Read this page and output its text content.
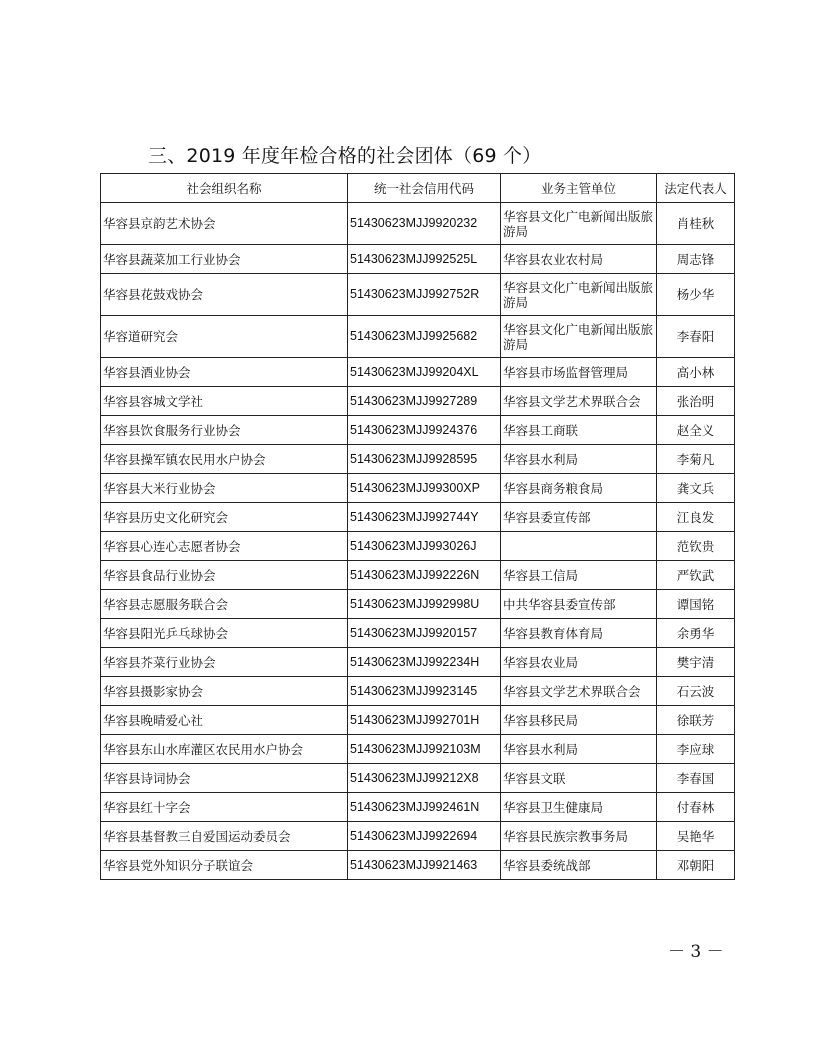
三、2019 年度年检合格的社会团体（69 个）
社会组织名称	统一社会信用代码	业务主管单位	法定代表人
华容县京韵艺术协会	51430623MJJ9920232	华容县文化广电新闻出版旅游局	肖桂秋
华容县蔬菜加工行业协会	51430623MJJ992525L	华容县农业农村局	周志锋
华容县花鼓戏协会	51430623MJJ992752R	华容县文化广电新闻出版旅游局	杨少华
华容道研究会	51430623MJJ9925682	华容县文化广电新闻出版旅游局	李春阳
华容县酒业协会	51430623MJJ99204XL	华容县市场监督管理局	高小林
华容县容城文学社	51430623MJJ9927289	华容县文学艺术界联合会	张治明
华容县饮食服务行业协会	51430623MJJ9924376	华容县工商联	赵全义
华容县操军镇农民用水户协会	51430623MJJ9928595	华容县水利局	李菊凡
华容县大米行业协会	51430623MJJ99300XP	华容县商务粮食局	龚文兵
华容县历史文化研究会	51430623MJJ992744Y	华容县委宣传部	江良发
华容县心连心志愿者协会	51430623MJJ993026J		范钦贵
华容县食品行业协会	51430623MJJ992226N	华容县工信局	严钦武
华容县志愿服务联合会	51430623MJJ992998U	中共华容县委宣传部	谭国铭
华容县阳光乒乓球协会	51430623MJJ9920157	华容县教育体育局	余勇华
华容县芥菜行业协会	51430623MJJ992234H	华容县农业局	樊宇清
华容县摄影家协会	51430623MJJ9923145	华容县文学艺术界联合会	石云波
华容县晚晴爱心社	51430623MJJ992701H	华容县移民局	徐联芳
华容县东山水库灌区农民用水户协会	51430623MJJ992103M	华容县水利局	李应球
华容县诗词协会	51430623MJJ99212X8	华容县文联	李春国
华容县红十字会	51430623MJJ992461N	华容县卫生健康局	付春林
华容县基督教三自爱国运动委员会	51430623MJJ9922694	华容县民族宗教事务局	吴艳华
华容县党外知识分子联谊会	51430623MJJ9921463	华容县委统战部	邓朝阳
－ 3 －
